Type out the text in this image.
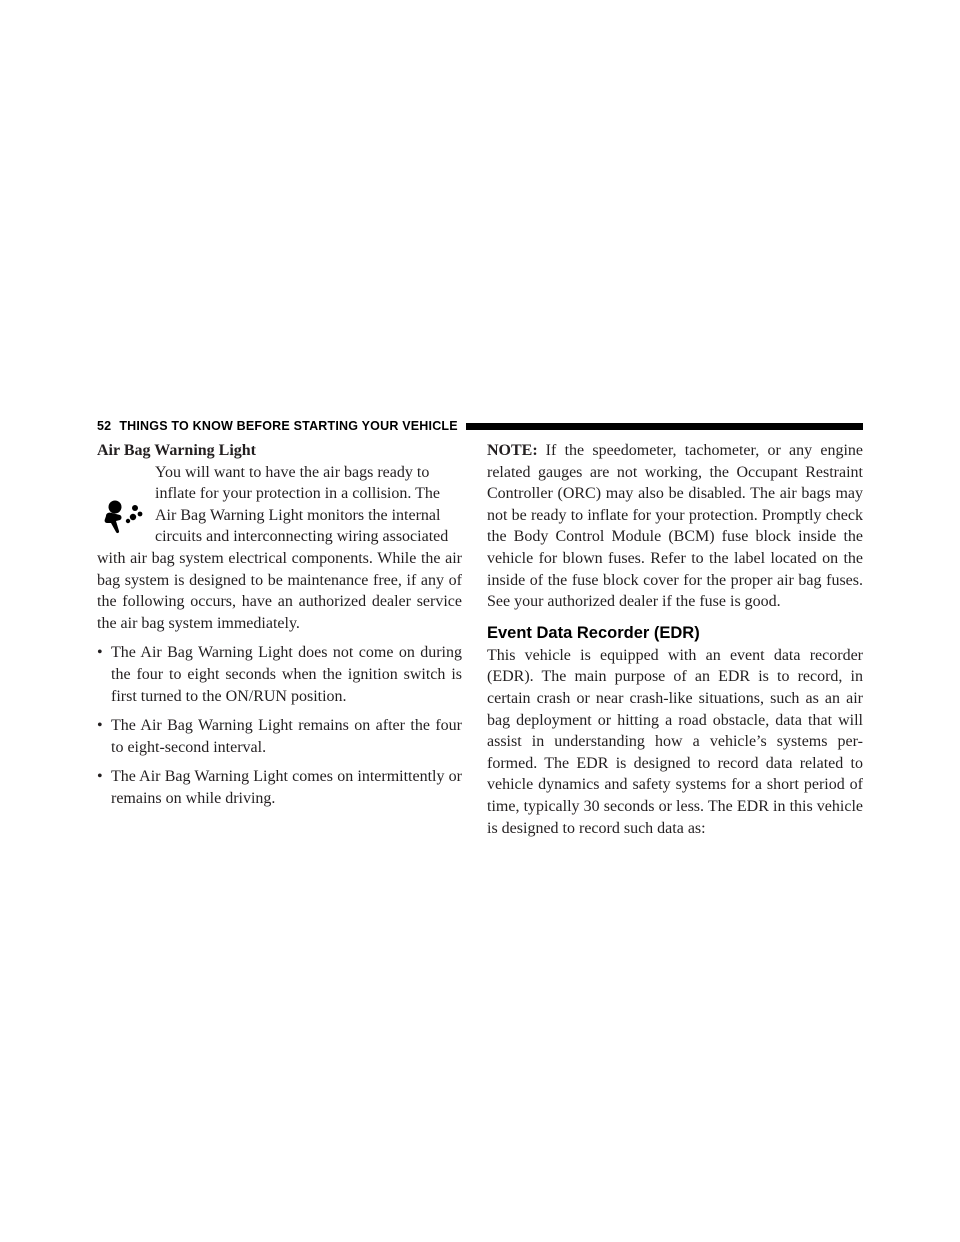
52 THINGS TO KNOW BEFORE STARTING YOUR VEHICLE

Air Bag Warning Light

You will want to have the air bags ready to

inflate for your protection in a collision. The

Air Bag Warning Light monitors the internal

circuits and interconnecting wiring associated

with air bag system electrical components. While the air bag system is designed to be maintenance free, if any of the following occurs, have an authorized dealer service the air bag system immediately.

• The Air Bag Warning Light does not come on during the four to eight seconds when the ignition switch is first turned to the ON/RUN position.
• The Air Bag Warning Light remains on after the four to eight-second interval.
• The Air Bag Warning Light comes on intermittently or remains on while driving.

NOTE: If the speedometer, tachometer, or any engine related gauges are not working, the Occupant Restraint Controller (ORC) may also be disabled. The air bags may not be ready to inflate for your protection. Promptly check the Body Control Module (BCM) fuse block inside the vehicle for blown fuses. Refer to the label located on the inside of the fuse block cover for the proper air bag fuses. See your authorized dealer if the fuse is good.

Event Data Recorder (EDR)

This vehicle is equipped with an event data recorder (EDR). The main purpose of an EDR is to record, in certain crash or near crash-like situations, such as an air bag deployment or hitting a road obstacle, data that will assist in understanding how a vehicle’s systems per-formed. The EDR is designed to record data related to vehicle dynamics and safety systems for a short period of time, typically 30 seconds or less. The EDR in this vehicle is designed to record such data as:
